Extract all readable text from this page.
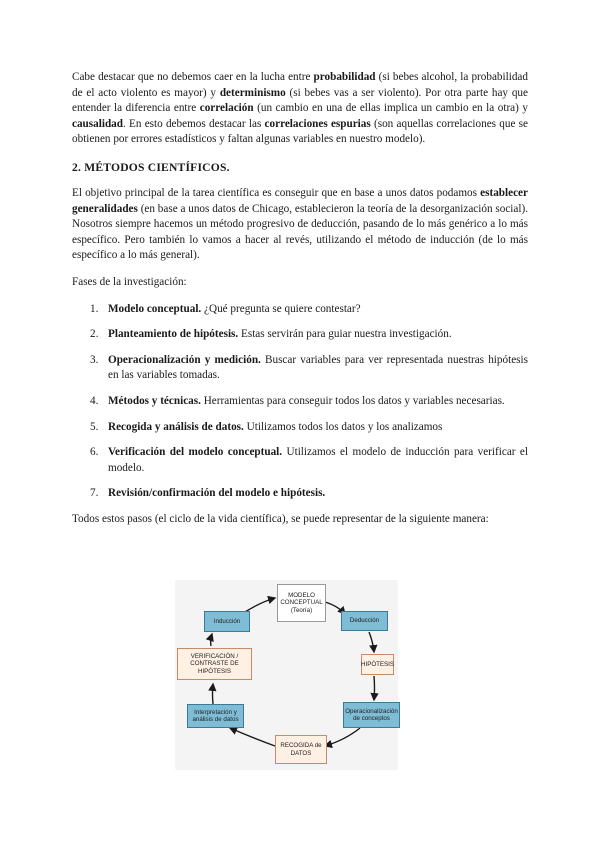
Cabe destacar que no debemos caer en la lucha entre probabilidad (si bebes alcohol, la probabilidad de el acto violento es mayor) y determinismo (si bebes vas a ser violento). Por otra parte hay que entender la diferencia entre correlación (un cambio en una de ellas implica un cambio en la otra) y causalidad. En esto debemos destacar las correlaciones espurias (son aquellas correlaciones que se obtienen por errores estadísticos y faltan algunas variables en nuestro modelo).

2. MÉTODOS CIENTÍFICOS.

El objetivo principal de la tarea científica es conseguir que en base a unos datos podamos establecer generalidades (en base a unos datos de Chicago, establecieron la teoría de la desorganización social). Nosotros siempre hacemos un método progresivo de deducción, pasando de lo más genérico a lo más específico. Pero también lo vamos a hacer al revés, utilizando el método de inducción (de lo más específico a lo más general).

Fases de la investigación:

1. Modelo conceptual. ¿Qué pregunta se quiere contestar?
2. Planteamiento de hipótesis. Estas servirán para guiar nuestra investigación.
3. Operacionalización y medición. Buscar variables para ver representada nuestras hipótesis en las variables tomadas.
4. Métodos y técnicas. Herramientas para conseguir todos los datos y variables necesarias.
5. Recogida y análisis de datos. Utilizamos todos los datos y los analizamos
6. Verificación del modelo conceptual. Utilizamos el modelo de inducción para verificar el modelo.
7. Revisión/confirmación del modelo e hipótesis.

Todos estos pasos (el ciclo de la vida científica), se puede representar de la siguiente manera:

MODELO
CONCEPTUAL
(Teoría)
Deducción
HIPÓTESIS
Operacionalización
de conceptos
RECOGIDA de
DATOS
Interpretación y
análisis de datos
VERIFICACIÓN /
CONTRASTE DE HIPÓTESIS
Inducción
